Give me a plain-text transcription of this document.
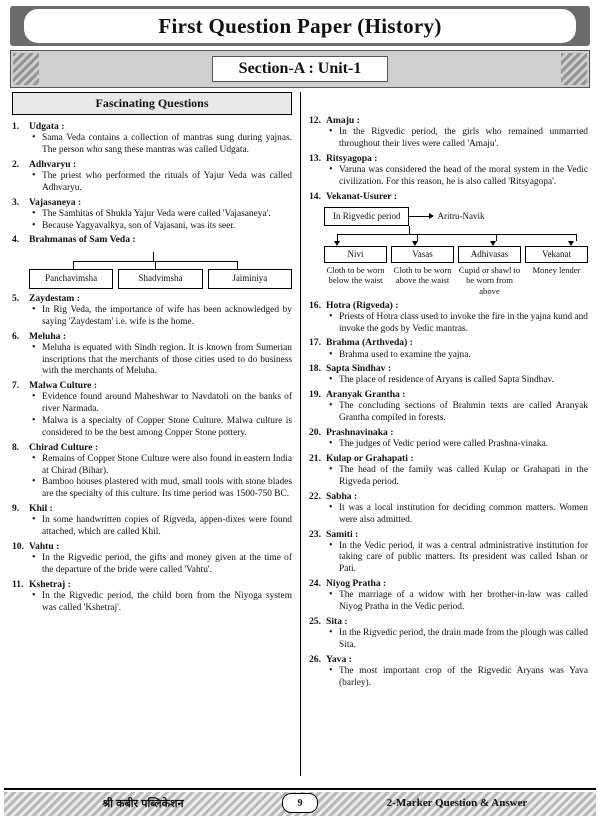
First Question Paper (History)
Section-A : Unit-1
Fascinating Questions
1.	Udgata :
• Sama Veda contains a collection of mantras sung during yajnas. The person who sang these mantras was called Udgata.
2.	Adhvaryu :
• The priest who performed the rituals of Yajur Veda was called Adhvaryu.
3.	Vajasaneya :
• The Samhitas of Shukla Yajur Veda were called 'Vajasaneya'.
• Because Yagyavalkya, son of Vajasani, was its seer.
4.	Brahmanas of Sam Veda :
Panchavimsha	Shadvimsha	Jaiminiya
5.	Zaydestam :
• In Rig Veda, the importance of wife has been acknowledged by saying 'Zaydestam' i.e. wife is the home.
6.	Meluha :
• Meluha is equated with Sindh region. It is known from Sumerian inscriptions that the merchants of those cities used to do business with the merchants of Meluha.
7.	Malwa Culture :
• Evidence found around Maheshwar to Navdatoli on the banks of river Narmada.
• Malwa is a specialty of Copper Stone Culture. Malwa culture is considered to be the best among Copper Stone pottery.
8.	Chirad Culture :
• Remains of Copper Stone Culture were also found in eastern India at Chirad (Bihar).
• Bamboo houses plastered with mud, small tools with stone blades are the specialty of this culture. Its time period was 1500-750 BC.
9.	Khil :
• In some handwritten copies of Rigveda, appen-dixes were found attached, which are called Khil.
10. Vahtu :
• In the Rigvedic period, the gifts and money given at the time of the departure of the bride were called 'Vahtu'.
11. Kshetraj :
• In the Rigvedic period, the child born from the Niyoga system was called 'Kshetraj'.
12. Amaju :
• In the Rigvedic period, the girls who remained unmarried throughout their lives were called 'Amaju'.
13. Ritsyagopa :
• Varuna was considered the head of the moral system in the Vedic civilization. For this reason, he is also called 'Ritsyagopa'.
14. Vekanat-Usurer :
In Rigvedic period	Aritru-Navik
Nivi	Vasas	Adhivasas	Vekanat
Cloth to be worn below the waist
Cloth to be worn above the waist
Cupid or shawl to be worn from above
Money lender
16. Hotra (Rigveda) :
• Priests of Hotra class used to invoke the fire in the yajna kund and invoke the gods by Vedic mantras.
17. Brahma (Arthveda) :
• Brahma used to examine the yajna.
18. Sapta Sindhav :
• The place of residence of Aryans is called Sapta Sindhav.
19. Aranyak Grantha :
• The concluding sections of Brahmin texts are called Aranyak Grantha compiled in forests.
20. Prashnavinaka :
• The judges of Vedic period were called Prashna-vinaka.
21. Kulap or Grahapati :
• The head of the family was called Kulap or Grahapati in the Rigveda period.
22. Sabha :
• It was a local institution for deciding common matters. Women were also admitted.
23. Samiti :
• In the Vedic period, it was a central administrative institution for taking care of public matters. Its president was called Ishan or Pati.
24. Niyog Pratha :
• The marriage of a widow with her brother-in-law was called Niyog Pratha in the Vedic period.
25. Sita :
• In the Rigvedic period, the drain made from the plough was called Sita.
26. Yava :
• The most important crop of the Rigvedic Aryans was Yava (barley).
श्री कबीर पब्लिकेशन	9	2-Marker Question & Answer
